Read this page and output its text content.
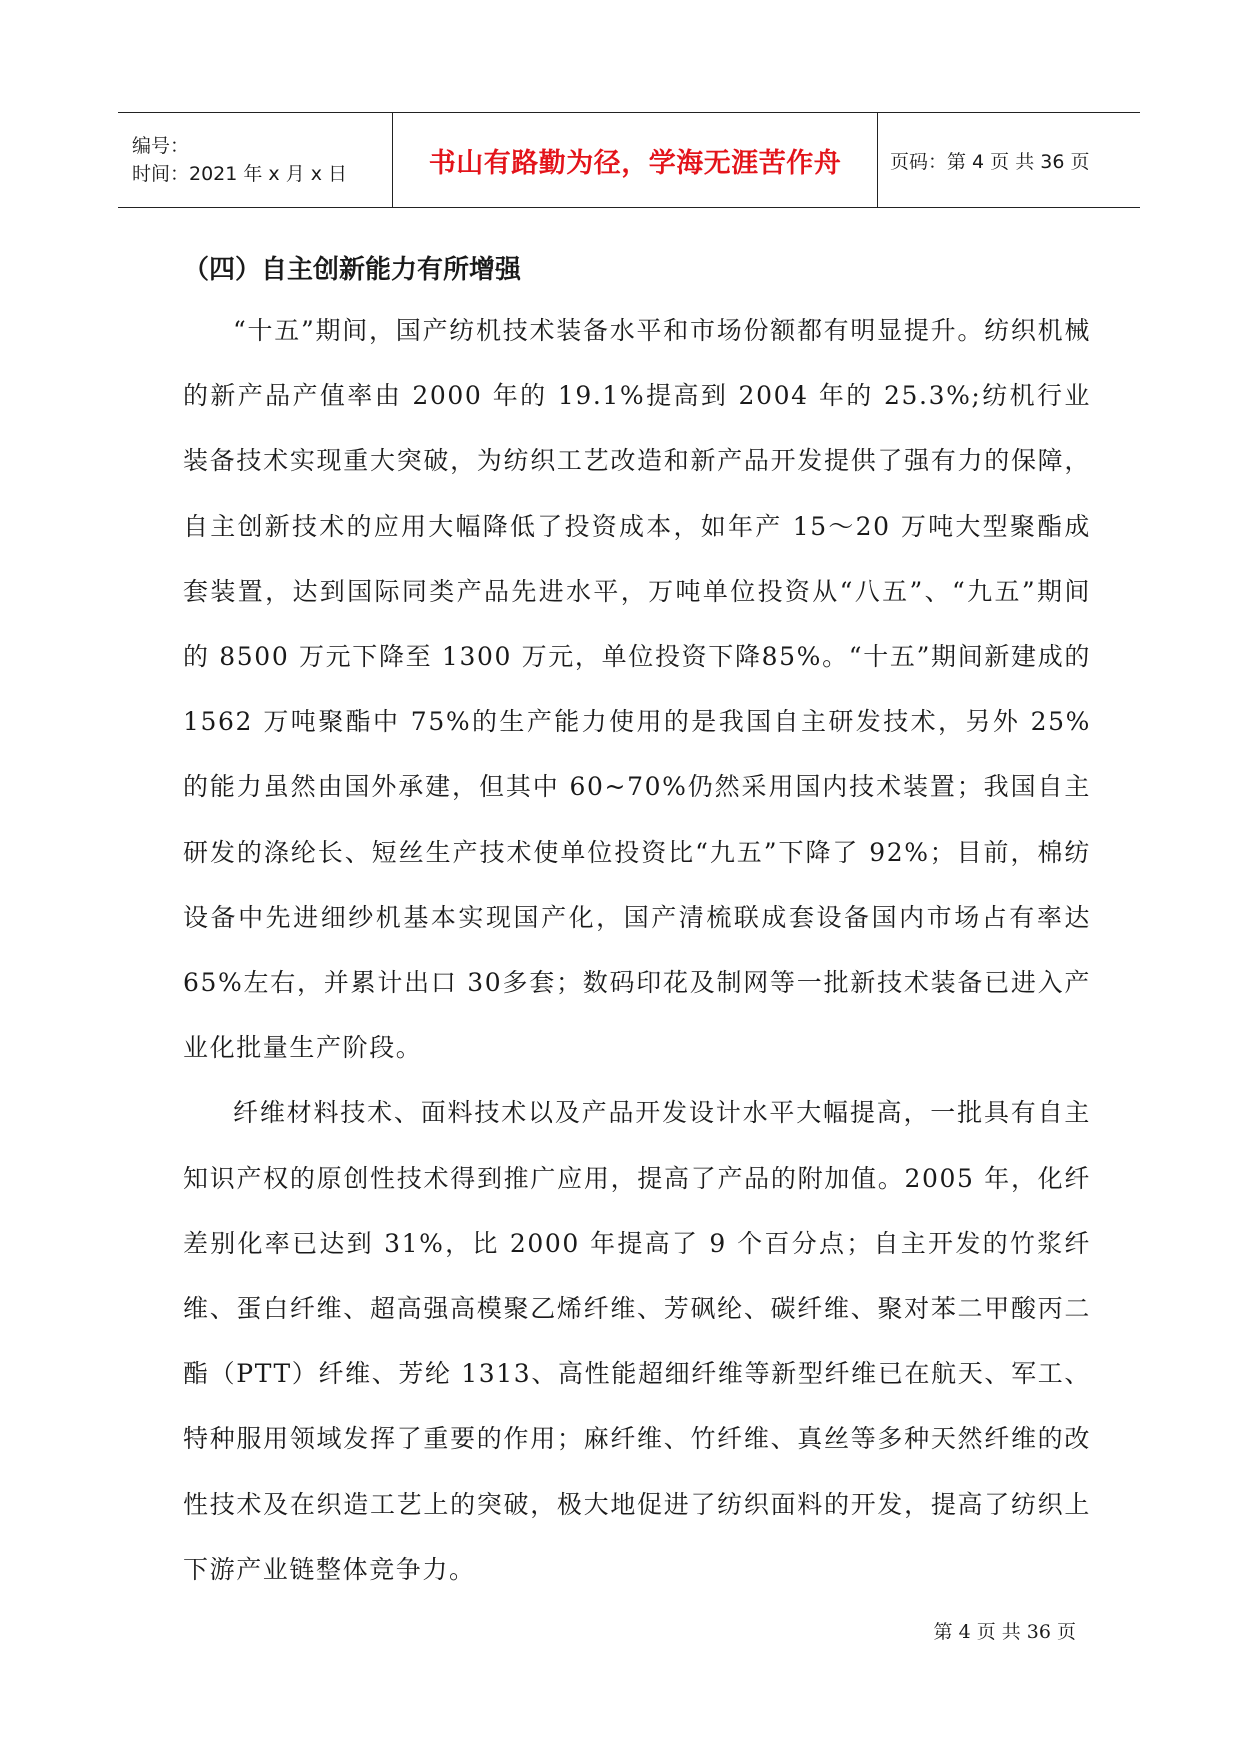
编号：
时间：2021 年 x 月 x 日	书山有路勤为径，学海无涯苦作舟	页码：第 4 页 共 36 页
（四）自主创新能力有所增强

“十五”期间，国产纺机技术装备水平和市场份额都有明显提升。纺织机械的新产品产值率由 2000 年的 19.1%提高到 2004 年的 25.3%;纺机行业装备技术实现重大突破，为纺织工艺改造和新产品开发提供了强有力的保障，自主创新技术的应用大幅降低了投资成本，如年产 15～20 万吨大型聚酯成套装置，达到国际同类产品先进水平，万吨单位投资从“八五”、“九五”期间的 8500 万元下降至 1300 万元，单位投资下降85%。“十五”期间新建成的 1562 万吨聚酯中 75%的生产能力使用的是我国自主研发技术，另外 25%的能力虽然由国外承建，但其中 60~70%仍然采用国内技术装置；我国自主研发的涤纶长、短丝生产技术使单位投资比“九五”下降了 92%；目前，棉纺设备中先进细纱机基本实现国产化，国产清梳联成套设备国内市场占有率达 65%左右，并累计出口 30多套；数码印花及制网等一批新技术装备已进入产业化批量生产阶段。

纤维材料技术、面料技术以及产品开发设计水平大幅提高，一批具有自主知识产权的原创性技术得到推广应用，提高了产品的附加值。2005 年，化纤差别化率已达到 31%，比 2000 年提高了 9 个百分点；自主开发的竹浆纤维、蛋白纤维、超高强高模聚乙烯纤维、芳砜纶、碳纤维、聚对苯二甲酸丙二酯（PTT）纤维、芳纶 1313、高性能超细纤维等新型纤维已在航天、军工、特种服用领域发挥了重要的作用；麻纤维、竹纤维、真丝等多种天然纤维的改性技术及在织造工艺上的突破，极大地促进了纺织面料的开发，提高了纺织上下游产业链整体竞争力。

第 4 页 共 36 页
